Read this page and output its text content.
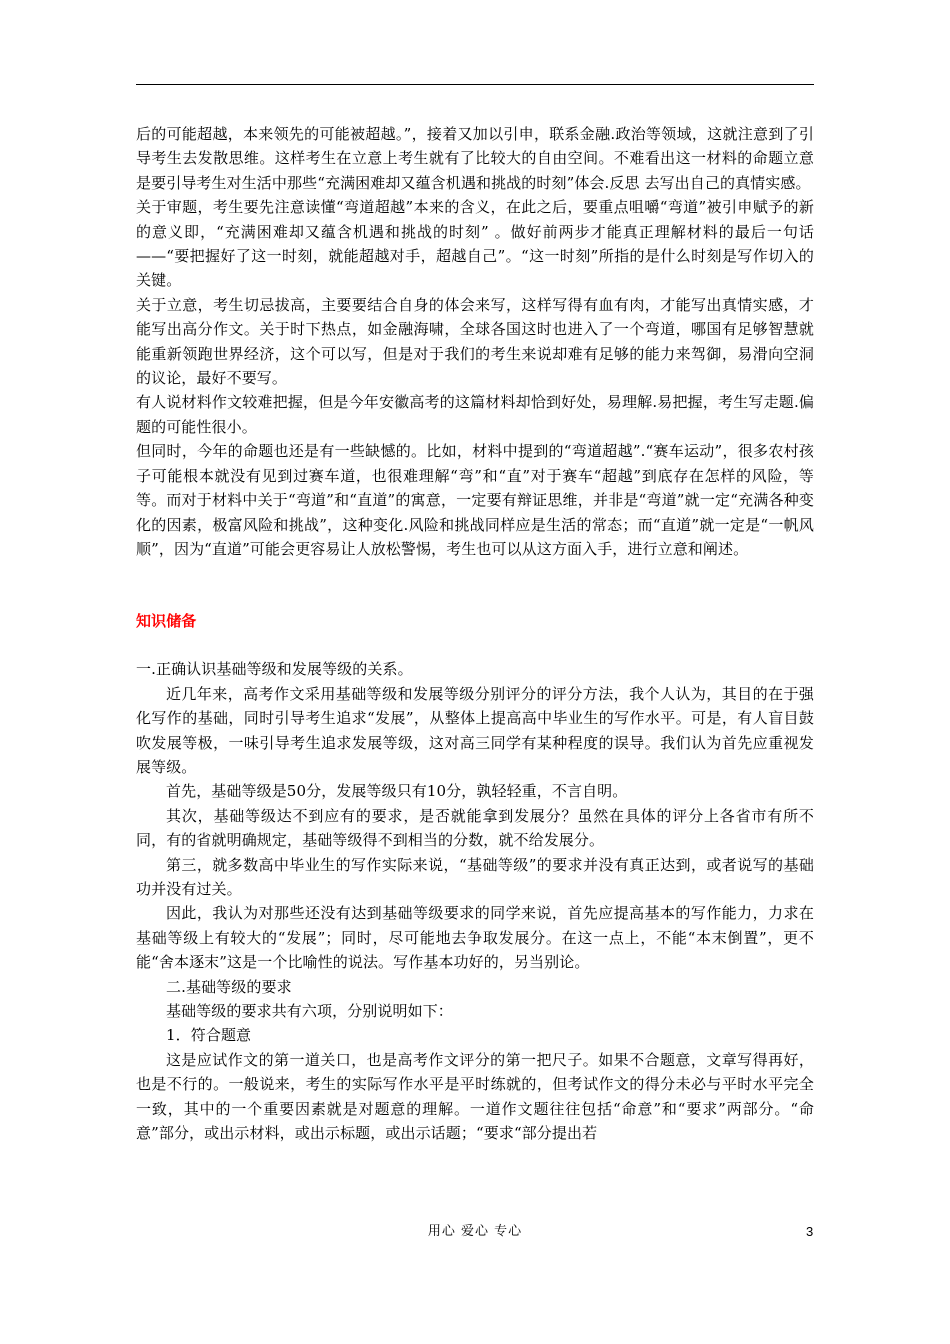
后的可能超越，本来领先的可能被超越。”，接着又加以引申，联系金融.政治等领域，这就注意到了引导考生去发散思维。这样考生在立意上考生就有了比较大的自由空间。不难看出这一材料的命题立意是要引导考生对生活中那些“充满困难却又蕴含机遇和挑战的时刻”体会.反思 去写出自己的真情实感。

关于审题，考生要先注意读懂“弯道超越”本来的含义，在此之后，要重点咀嚼“弯道”被引申赋予的新的意义即，“充满困难却又蕴含机遇和挑战的时刻” 。做好前两步才能真正理解材料的最后一句话——“要把握好了这一时刻，就能超越对手，超越自己”。“这一时刻”所指的是什么时刻是写作切入的关键。

关于立意，考生切忌拔高，主要要结合自身的体会来写，这样写得有血有肉，才能写出真情实感，才能写出高分作文。关于时下热点，如金融海啸，全球各国这时也进入了一个弯道，哪国有足够智慧就能重新领跑世界经济，这个可以写，但是对于我们的考生来说却难有足够的能力来驾御，易滑向空洞的议论，最好不要写。

有人说材料作文较难把握，但是今年安徽高考的这篇材料却恰到好处，易理解.易把握，考生写走题.偏题的可能性很小。

但同时，今年的命题也还是有一些缺憾的。比如，材料中提到的“弯道超越”.“赛车运动”，很多农村孩子可能根本就没有见到过赛车道，也很难理解“弯”和“直”对于赛车“超越”到底存在怎样的风险，等等。而对于材料中关于“弯道”和“直道”的寓意，一定要有辩证思维，并非是“弯道”就一定“充满各种变化的因素，极富风险和挑战”，这种变化.风险和挑战同样应是生活的常态；而“直道”就一定是“一帆风顺”，因为“直道”可能会更容易让人放松警惕，考生也可以从这方面入手，进行立意和阐述。

知识储备

一.正确认识基础等级和发展等级的关系。

近几年来，高考作文采用基础等级和发展等级分别评分的评分方法，我个人认为，其目的在于强化写作的基础，同时引导考生追求“发展”，从整体上提高高中毕业生的写作水平。可是，有人盲目鼓吹发展等极，一味引导考生追求发展等级，这对高三同学有某种程度的误导。我们认为首先应重视发展等级。

首先，基础等级是50分，发展等级只有10分，孰轻轻重，不言自明。

其次，基础等级达不到应有的要求，是否就能拿到发展分？虽然在具体的评分上各省市有所不同，有的省就明确规定，基础等级得不到相当的分数，就不给发展分。

第三，就多数高中毕业生的写作实际来说，“基础等级”的要求并没有真正达到，或者说写的基础功并没有过关。

因此，我认为对那些还没有达到基础等级要求的同学来说，首先应提高基本的写作能力，力求在基础等级上有较大的“发展”；同时，尽可能地去争取发展分。在这一点上，不能“本末倒置”，更不能“舍本逐末”这是一个比喻性的说法。写作基本功好的，另当别论。

二.基础等级的要求

基础等级的要求共有六项，分别说明如下：

1．符合题意

这是应试作文的第一道关口，也是高考作文评分的第一把尺子。如果不合题意，文章写得再好，也是不行的。一般说来，考生的实际写作水平是平时练就的，但考试作文的得分未必与平时水平完全一致，其中的一个重要因素就是对题意的理解。一道作文题往往包括“命意”和“要求”两部分。“命意”部分，或出示材料，或出示标题，或出示话题；“要求“部分提出若

用心 爱心 专心	3
